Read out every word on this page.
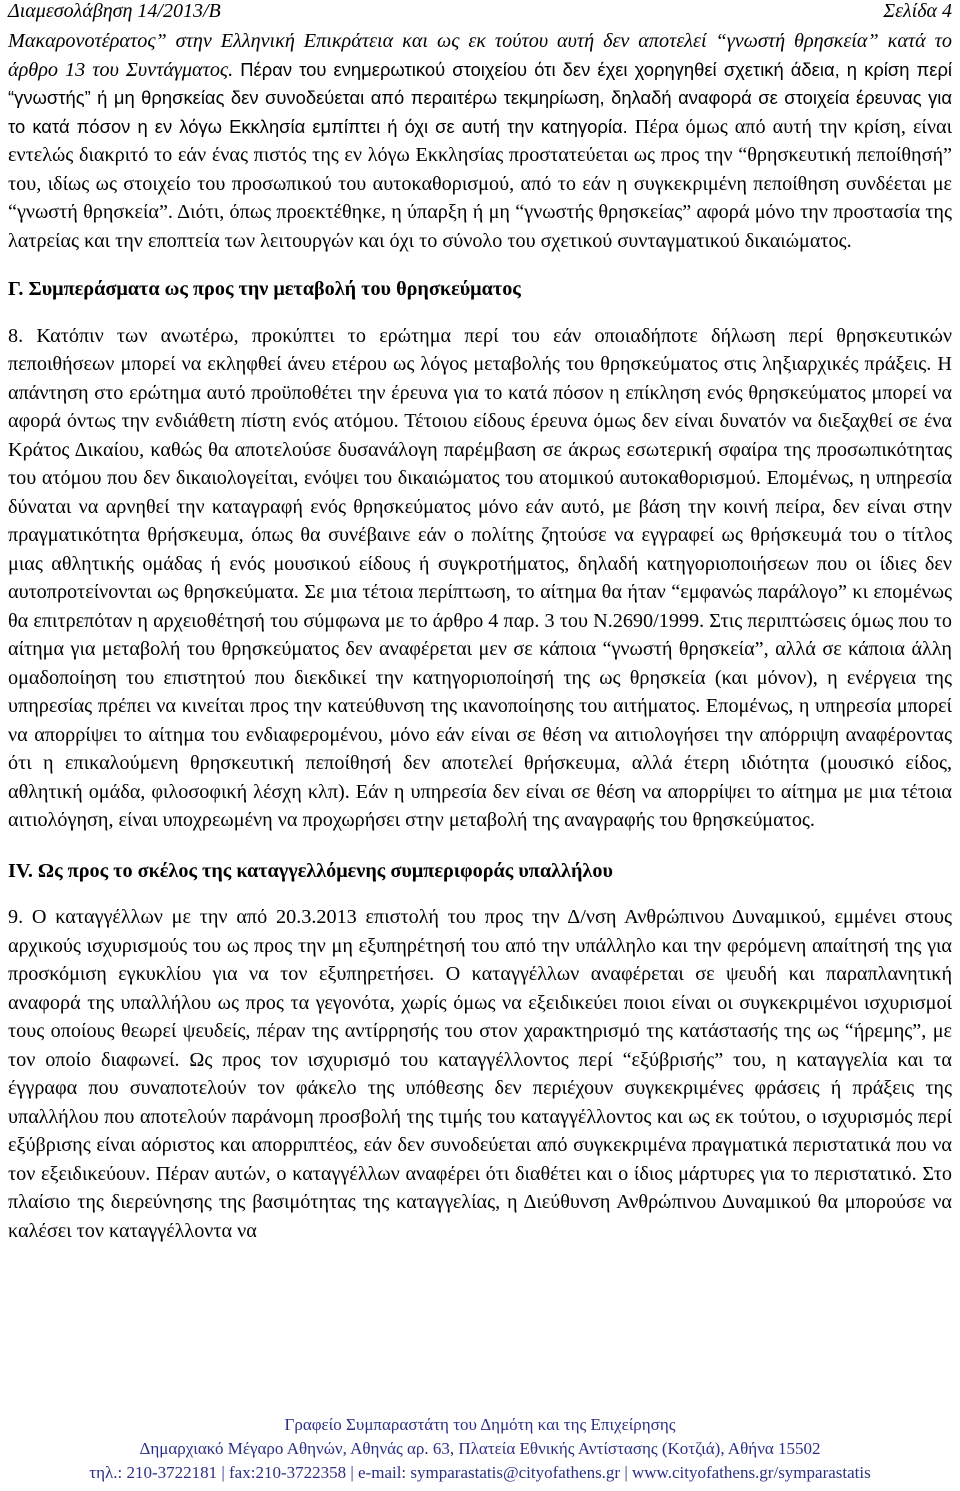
Διαμεσολάβηση 14/2013/Β	Σελίδα 4

Μακαρονοτέρατος” στην Ελληνική Επικράτεια και ως εκ τούτου αυτή δεν αποτελεί “γνωστή θρησκεία” κατά το άρθρο 13 του Συντάγματος. Πέραν του ενημερωτικού στοιχείου ότι δεν έχει χορηγηθεί σχετική άδεια, η κρίση περί “γνωστής” ή μη θρησκείας δεν συνοδεύεται από περαιτέρω τεκμηρίωση, δηλαδή αναφορά σε στοιχεία έρευνας για το κατά πόσον η εν λόγω Εκκλησία εμπίπτει ή όχι σε αυτή την κατηγορία. Πέρα όμως από αυτή την κρίση, είναι εντελώς διακριτό το εάν ένας πιστός της εν λόγω Εκκλησίας προστατεύεται ως προς την “θρησκευτική πεποίθησή” του, ιδίως ως στοιχείο του προσωπικού του αυτοκαθορισμού, από το εάν η συγκεκριμένη πεποίθηση συνδέεται με “γνωστή θρησκεία”. Διότι, όπως προεκτέθηκε, η ύπαρξη ή μη “γνωστής θρησκείας” αφορά μόνο την προστασία της λατρείας και την εποπτεία των λειτουργών και όχι το σύνολο του σχετικού συνταγματικού δικαιώματος.

Γ. Συμπεράσματα ως προς την μεταβολή του θρησκεύματος

8. Κατόπιν των ανωτέρω, προκύπτει το ερώτημα περί του εάν οποιαδήποτε δήλωση περί θρησκευτικών πεποιθήσεων μπορεί να εκληφθεί άνευ ετέρου ως λόγος μεταβολής του θρησκεύματος στις ληξιαρχικές πράξεις. Η απάντηση στο ερώτημα αυτό προϋποθέτει την έρευνα για το κατά πόσον η επίκληση ενός θρησκεύματος μπορεί να αφορά όντως την ενδιάθετη πίστη ενός ατόμου. Τέτοιου είδους έρευνα όμως δεν είναι δυνατόν να διεξαχθεί σε ένα Κράτος Δικαίου, καθώς θα αποτελούσε δυσανάλογη παρέμβαση σε άκρως εσωτερική σφαίρα της προσωπικότητας του ατόμου που δεν δικαιολογείται, ενόψει του δικαιώματος του ατομικού αυτοκαθορισμού. Επομένως, η υπηρεσία δύναται να αρνηθεί την καταγραφή ενός θρησκεύματος μόνο εάν αυτό, με βάση την κοινή πείρα, δεν είναι στην πραγματικότητα θρήσκευμα, όπως θα συνέβαινε εάν ο πολίτης ζητούσε να εγγραφεί ως θρήσκευμά του ο τίτλος μιας αθλητικής ομάδας ή ενός μουσικού είδους ή συγκροτήματος, δηλαδή κατηγοριοποιήσεων που οι ίδιες δεν αυτοπροτείνονται ως θρησκεύματα. Σε μια τέτοια περίπτωση, το αίτημα θα ήταν “εμφανώς παράλογο” κι επομένως θα επιτρεπόταν η αρχειοθέτησή του σύμφωνα με το άρθρο 4 παρ. 3 του Ν.2690/1999. Στις περιπτώσεις όμως που το αίτημα για μεταβολή του θρησκεύματος δεν αναφέρεται μεν σε κάποια “γνωστή θρησκεία”, αλλά σε κάποια άλλη ομαδοποίηση του επιστητού που διεκδικεί την κατηγοριοποίησή της ως θρησκεία (και μόνον), η ενέργεια της υπηρεσίας πρέπει να κινείται προς την κατεύθυνση της ικανοποίησης του αιτήματος. Επομένως, η υπηρεσία μπορεί να απορρίψει το αίτημα του ενδιαφερομένου, μόνο εάν είναι σε θέση να αιτιολογήσει την απόρριψη αναφέροντας ότι η επικαλούμενη θρησκευτική πεποίθησή δεν αποτελεί θρήσκευμα, αλλά έτερη ιδιότητα (μουσικό είδος, αθλητική ομάδα, φιλοσοφική λέσχη κλπ). Εάν η υπηρεσία δεν είναι σε θέση να απορρίψει το αίτημα με μια τέτοια αιτιολόγηση, είναι υποχρεωμένη να προχωρήσει στην μεταβολή της αναγραφής του θρησκεύματος.

IV. Ως προς το σκέλος της καταγγελλόμενης συμπεριφοράς υπαλλήλου

9. Ο καταγγέλλων με την από 20.3.2013 επιστολή του προς την Δ/νση Ανθρώπινου Δυναμικού, εμμένει στους αρχικούς ισχυρισμούς του ως προς την μη εξυπηρέτησή του από την υπάλληλο και την φερόμενη απαίτησή της για προσκόμιση εγκυκλίου για να τον εξυπηρετήσει. Ο καταγγέλλων αναφέρεται σε ψευδή και παραπλανητική αναφορά της υπαλλήλου ως προς τα γεγονότα, χωρίς όμως να εξειδικεύει ποιοι είναι οι συγκεκριμένοι ισχυρισμοί τους οποίους θεωρεί ψευδείς, πέραν της αντίρρησής του στον χαρακτηρισμό της κατάστασής της ως “ήρεμης”, με τον οποίο διαφωνεί. Ως προς τον ισχυρισμό του καταγγέλλοντος περί “εξύβρισής” του, η καταγγελία και τα έγγραφα που συναποτελούν τον φάκελο της υπόθεσης δεν περιέχουν συγκεκριμένες φράσεις ή πράξεις της υπαλλήλου που αποτελούν παράνομη προσβολή της τιμής του καταγγέλλοντος και ως εκ τούτου, ο ισχυρισμός περί εξύβρισης είναι αόριστος και απορριπτέος, εάν δεν συνοδεύεται από συγκεκριμένα πραγματικά περιστατικά που να τον εξειδικεύουν. Πέραν αυτών, ο καταγγέλλων αναφέρει ότι διαθέτει και ο ίδιος μάρτυρες για το περιστατικό. Στο πλαίσιο της διερεύνησης της βασιμότητας της καταγγελίας, η Διεύθυνση Ανθρώπινου Δυναμικού θα μπορούσε να καλέσει τον καταγγέλλοντα να

Γραφείο Συμπαραστάτη του Δημότη και της Επιχείρησης
Δημαρχιακό Μέγαρο Αθηνών, Αθηνάς αρ. 63, Πλατεία Εθνικής Αντίστασης (Κοτζιά), Αθήνα 15502
τηλ.: 210-3722181 | fax:210-3722358 | e-mail: symparastatis@cityofathens.gr | www.cityofathens.gr/symparastatis
